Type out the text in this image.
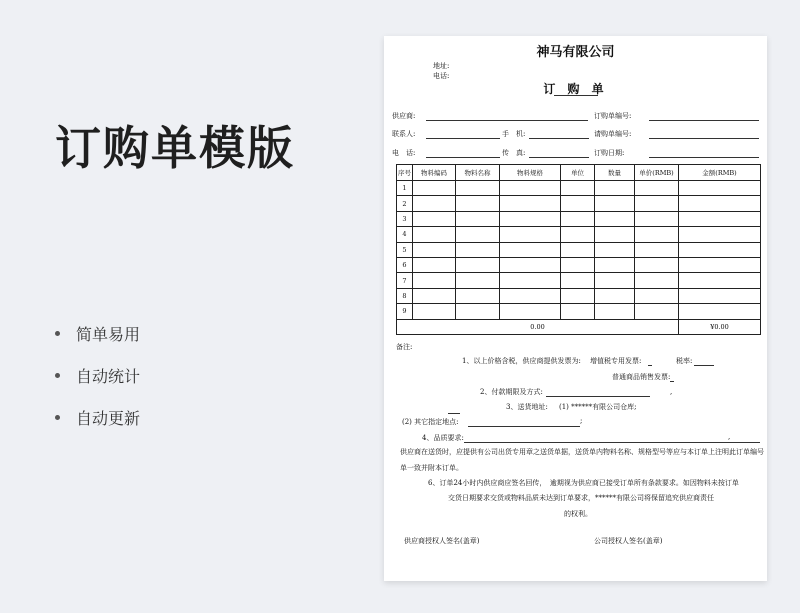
订购单模版
简单易用
自动统计
自动更新
神马有限公司
地址:
电话:
订 购 单
供应商:	订购单编号:
联系人:	手　机:	请购单编号:
电　话:	传　真:	订购日期:
序号	物料编码	物料名称	物料规格	单位	数量	单价(RMB)	金额(RMB)
1							
2							
3							
4							
5							
6							
7							
8							
9							
0.00							¥0.00
备注:
1、以上价格含税，供应商提供发票为: 增值税专用发票:	税率:
普通商品销售发票:
2、付款期限及方式:	,
3、送货地址: (1) ******有限公司仓库;
(2) 其它指定地点:	;
4、品质要求:	,
供应商在送货时，应提供有公司出货专用章之送货单据，送货单内物料名称、规格型号等应与本订单上注明此订单编号
单一致并附本订单。
6、订单24小时内供应商应签名回传，　逾期视为供应商已接受订单所有条款要求。如因物料未按订单
交货日期要求交货或物料品质未达到订单要求，******有限公司将保留追究供应商责任
的权利。
供应商授权人签名(盖章)	公司授权人签名(盖章)
